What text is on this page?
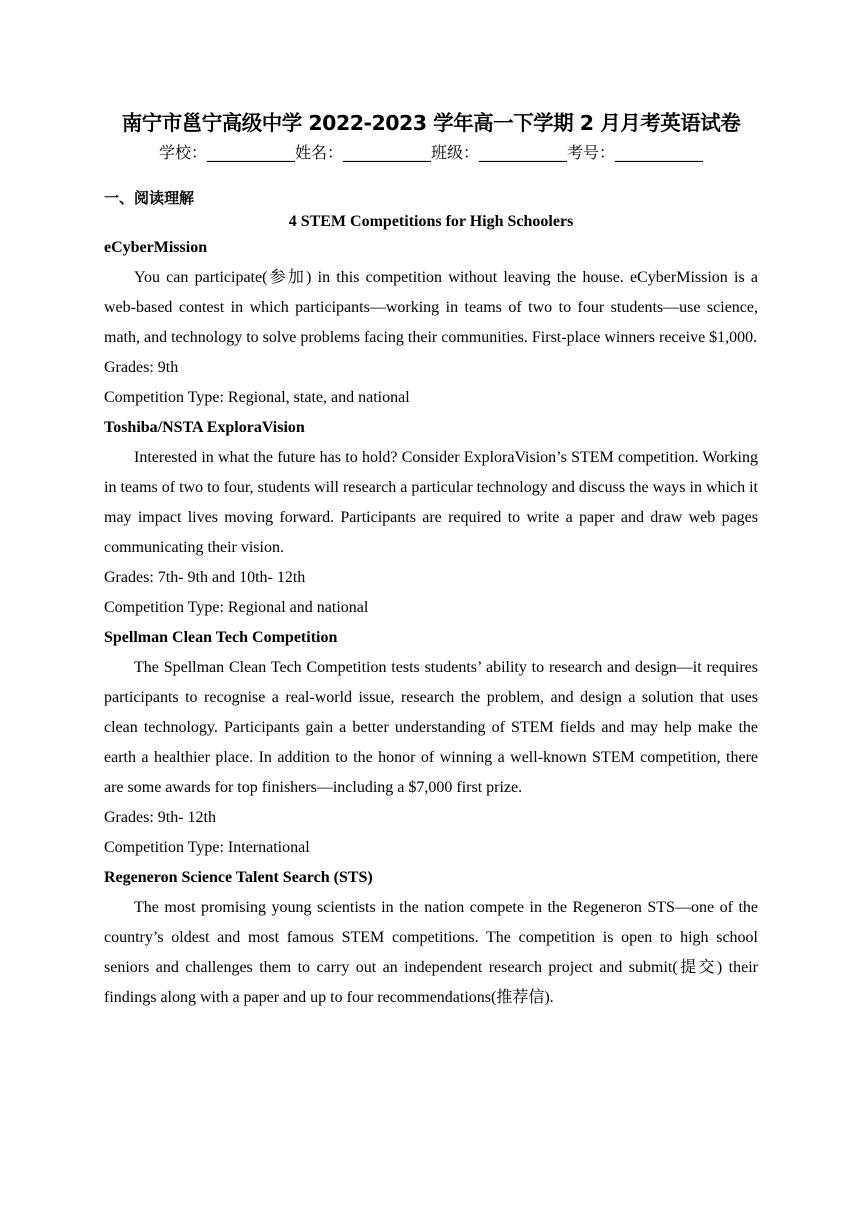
南宁市邕宁高级中学 2022-2023 学年高一下学期 2 月月考英语试卷
学校：___________姓名：___________班级：___________考号：___________
一、阅读理解
4 STEM Competitions for High Schoolers

eCyberMission

You can participate(参加) in this competition without leaving the house. eCyberMission is a web-based contest in which participants—working in teams of two to four students—use science, math, and technology to solve problems facing their communities. First-place winners receive $1,000.

Grades: 9th

Competition Type: Regional, state, and national

Toshiba/NSTA ExploraVision

Interested in what the future has to hold? Consider ExploraVision’s STEM competition. Working in teams of two to four, students will research a particular technology and discuss the ways in which it may impact lives moving forward. Participants are required to write a paper and draw web pages communicating their vision.

Grades: 7th- 9th and 10th- 12th

Competition Type: Regional and national

Spellman Clean Tech Competition

The Spellman Clean Tech Competition tests students’ ability to research and design—it requires participants to recognise a real-world issue, research the problem, and design a solution that uses clean technology. Participants gain a better understanding of STEM fields and may help make the earth a healthier place. In addition to the honor of winning a well-known STEM competition, there are some awards for top finishers—including a $7,000 first prize.

Grades: 9th- 12th

Competition Type: International

Regeneron Science Talent Search (STS)

The most promising young scientists in the nation compete in the Regeneron STS—one of the country’s oldest and most famous STEM competitions. The competition is open to high school seniors and challenges them to carry out an independent research project and submit(提交) their findings along with a paper and up to four recommendations(推荐信).
